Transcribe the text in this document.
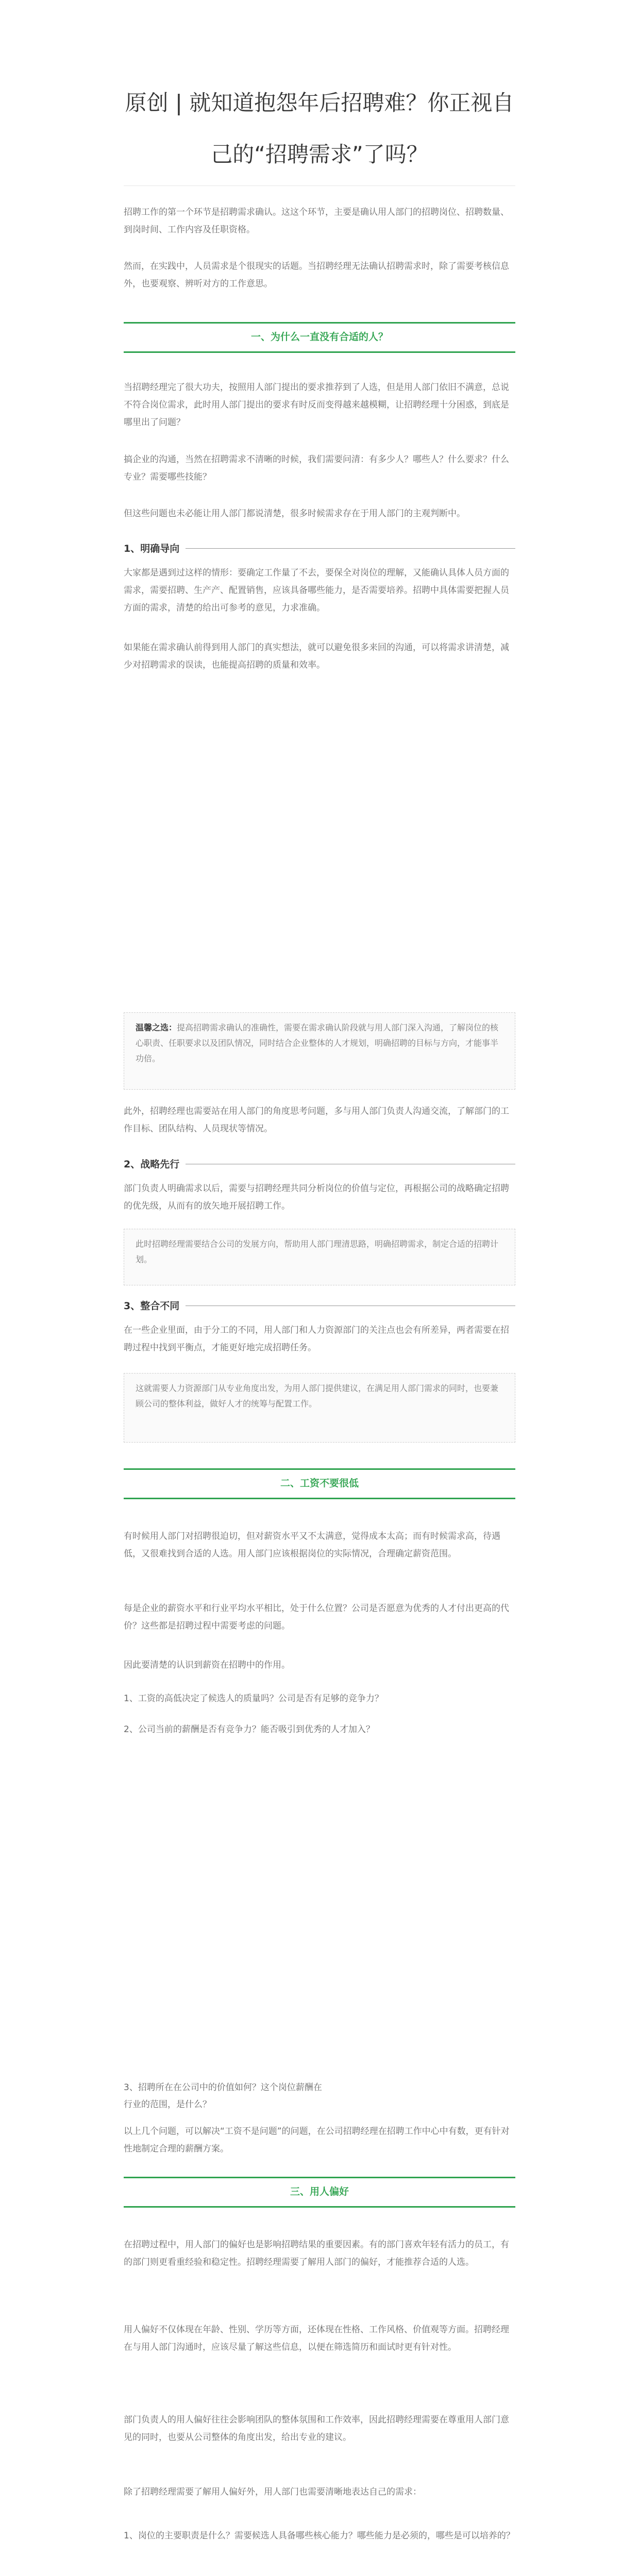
原创 | 就知道抱怨年后招聘难？你正视自己的“招聘需求”了吗？
招聘工作的第一个环节是招聘需求确认。这这个环节，主要是确认用人部门的招聘岗位、招聘数量、到岗时间、工作内容及任职资格。
然而，在实践中，人员需求是个很现实的话题。当招聘经理无法确认招聘需求时，除了需要考核信息外，也要观察、辨听对方的工作意思。
一、为什么一直没有合适的人？
当招聘经理完了很大功夫，按照用人部门提出的要求推荐到了人选，但是用人部门依旧不满意，总说不符合岗位需求，此时用人部门提出的要求有时反而变得越来越模糊，让招聘经理十分困惑，到底是哪里出了问题？
搞企业的沟通，当然在招聘需求不清晰的时候，我们需要问清：有多少人？哪些人？什么要求？什么专业？需要哪些技能？
但这些问题也未必能让用人部门都说清楚，很多时候需求存在于用人部门的主观判断中。
1、明确导向
大家都是遇到过这样的情形：要确定工作量了不去，要保全对岗位的理解，又能确认具体人员方面的需求，需要招聘、生产产、配置销售，应该具备哪些能力，是否需要培养。招聘中具体需要把握人员方面的需求，清楚的给出可参考的意见，力求准确。
如果能在需求确认前得到用人部门的真实想法，就可以避免很多来回的沟通，可以将需求讲清楚，减少对招聘需求的误读，也能提高招聘的质量和效率。
温馨之选：提高招聘需求确认的准确性，需要在需求确认阶段就与用人部门深入沟通，了解岗位的核心职责、任职要求以及团队情况，同时结合企业整体的人才规划，明确招聘的目标与方向，才能事半功倍。
此外，招聘经理也需要站在用人部门的角度思考问题，多与用人部门负责人沟通交流，了解部门的工作目标、团队结构、人员现状等情况。
2、战略先行
部门负责人明确需求以后，需要与招聘经理共同分析岗位的价值与定位，再根据公司的战略确定招聘的优先级，从而有的放矢地开展招聘工作。
此时招聘经理需要结合公司的发展方向，帮助用人部门理清思路，明确招聘需求，制定合适的招聘计划。
3、整合不同
在一些企业里面，由于分工的不同，用人部门和人力资源部门的关注点也会有所差异，两者需要在招聘过程中找到平衡点，才能更好地完成招聘任务。
这就需要人力资源部门从专业角度出发，为用人部门提供建议，在满足用人部门需求的同时，也要兼顾公司的整体利益，做好人才的统筹与配置工作。
二、工资不要很低
有时候用人部门对招聘很迫切，但对薪资水平又不太满意，觉得成本太高；而有时候需求高，待遇低，又很难找到合适的人选。用人部门应该根据岗位的实际情况，合理确定薪资范围。
每是企业的薪资水平和行业平均水平相比，处于什么位置？公司是否愿意为优秀的人才付出更高的代价？这些都是招聘过程中需要考虑的问题。
因此要清楚的认识到薪资在招聘中的作用。
1、工资的高低决定了候选人的质量吗？公司是否有足够的竞争力？
2、公司当前的薪酬是否有竞争力？能否吸引到优秀的人才加入？
3、招聘所在在公司中的价值如何？这个岗位薪酬在
行业的范围，是什么？
以上几个问题，可以解决“工资不是问题”的问题，在公司招聘经理在招聘工作中心中有数，更有针对性地制定合理的薪酬方案。
三、用人偏好
在招聘过程中，用人部门的偏好也是影响招聘结果的重要因素。有的部门喜欢年轻有活力的员工，有的部门则更看重经验和稳定性。招聘经理需要了解用人部门的偏好，才能推荐合适的人选。
用人偏好不仅体现在年龄、性别、学历等方面，还体现在性格、工作风格、价值观等方面。招聘经理在与用人部门沟通时，应该尽量了解这些信息，以便在筛选简历和面试时更有针对性。
部门负责人的用人偏好往往会影响团队的整体氛围和工作效率，因此招聘经理需要在尊重用人部门意见的同时，也要从公司整体的角度出发，给出专业的建议。
除了招聘经理需要了解用人偏好外，用人部门也需要清晰地表达自己的需求：
1、岗位的主要职责是什么？需要候选人具备哪些核心能力？哪些能力是必须的，哪些是可以培养的？
